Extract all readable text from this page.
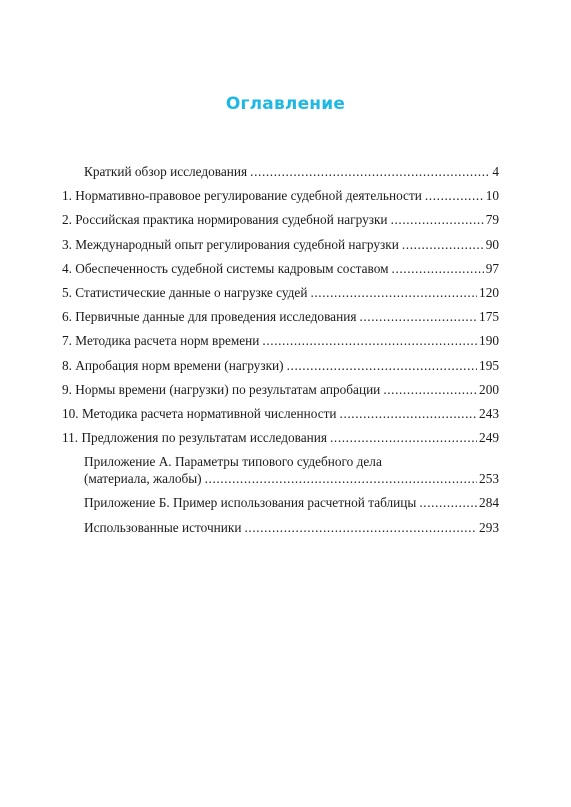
Оглавление
Краткий обзор исследования .....	4
1. Нормативно-правовое регулирование судебной деятельности .....	10
2. Российская практика нормирования судебной нагрузки .....	79
3. Международный опыт регулирования судебной нагрузки .....	90
4. Обеспеченность судебной системы кадровым составом .....	97
5. Статистические данные о нагрузке судей .....	120
6. Первичные данные для проведения исследования .....	175
7. Методика расчета норм времени .....	190
8. Апробация норм времени (нагрузки) .....	195
9. Нормы времени (нагрузки) по результатам апробации .....	200
10. Методика расчета нормативной численности .....	243
11. Предложения по результатам исследования .....	249
Приложение А. Параметры типового судебного дела
(материала, жалобы) .....	253
Приложение Б. Пример использования расчетной таблицы .....	284
Использованные источники .....	293
